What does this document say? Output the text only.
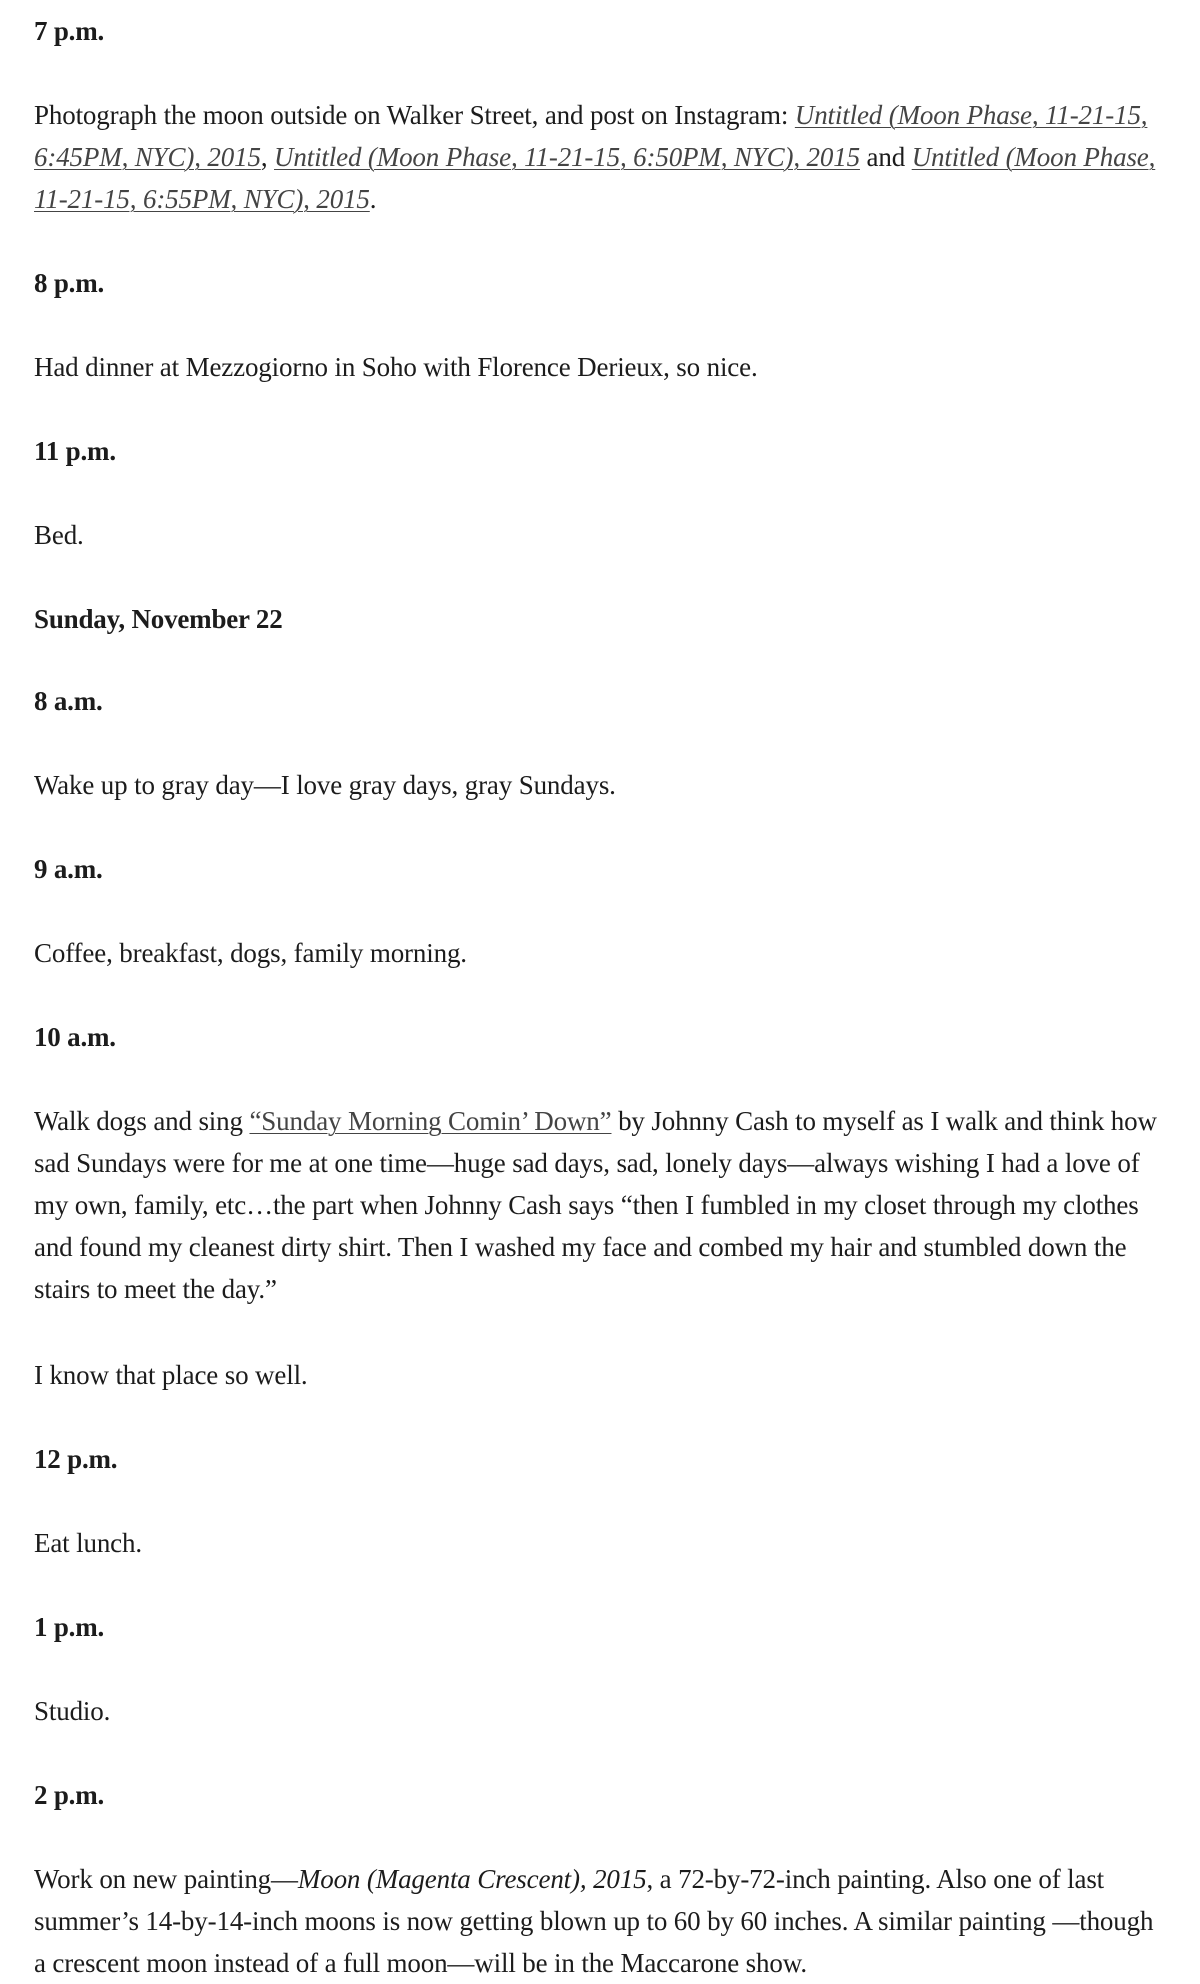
7 p.m.
Photograph the moon outside on Walker Street, and post on Instagram: Untitled (Moon Phase, 11-21-15, 6:45PM, NYC), 2015, Untitled (Moon Phase, 11-21-15, 6:50PM, NYC), 2015 and Untitled (Moon Phase, 11-21-15, 6:55PM, NYC), 2015.
8 p.m.
Had dinner at Mezzogiorno in Soho with Florence Derieux, so nice.
11 p.m.
Bed.
Sunday, November 22
8 a.m.
Wake up to gray day—I love gray days, gray Sundays.
9 a.m.
Coffee, breakfast, dogs, family morning.
10 a.m.
Walk dogs and sing “Sunday Morning Comin’ Down” by Johnny Cash to myself as I walk and think how sad Sundays were for me at one time—huge sad days, sad, lonely days—always wishing I had a love of my own, family, etc…the part when Johnny Cash says “then I fumbled in my closet through my clothes and found my cleanest dirty shirt. Then I washed my face and combed my hair and stumbled down the stairs to meet the day.”
I know that place so well.
12 p.m.
Eat lunch.
1 p.m.
Studio.
2 p.m.
Work on new painting—Moon (Magenta Crescent), 2015, a 72-by-72-inch painting. Also one of last summer’s 14-by-14-inch moons is now getting blown up to 60 by 60 inches. A similar painting —though a crescent moon instead of a full moon—will be in the Maccarone show.
